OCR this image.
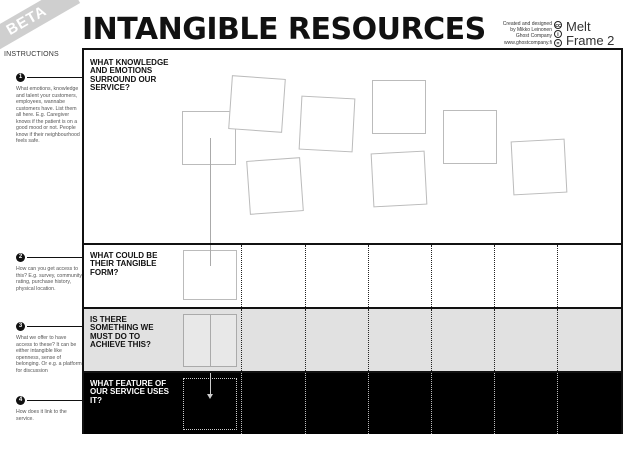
BETA	INTANGIBLE RESOURCES	Created and designed
by Mikko Leinonen
Ghost Company
www.ghostcompany.fi
cc
i
=
Melt
Frame 2
INSTRUCTIONS
1
What emotions, knowledge and talent your customers, employees, wannabe customers have. List them all here. E.g. Caregiver knows if the patient is on a good mood or not. People know if their neighbourhood feels safe.
2
How can you get access to this? E.g. survey, community rating, purchase history, physical location.
3
What we offer to have access to these? It can be either intangible like openness, sense of belonging. Or e.g. a platform for discussion
4
How does it link to the service.
WHAT KNOWLEDGE AND EMOTIONS SURROUND OUR SERVICE?
WHAT COULD BE THEIR TANGIBLE FORM?
IS THERE SOMETHING WE MUST DO TO ACHIEVE THIS?
WHAT FEATURE OF OUR SERVICE USES IT?
